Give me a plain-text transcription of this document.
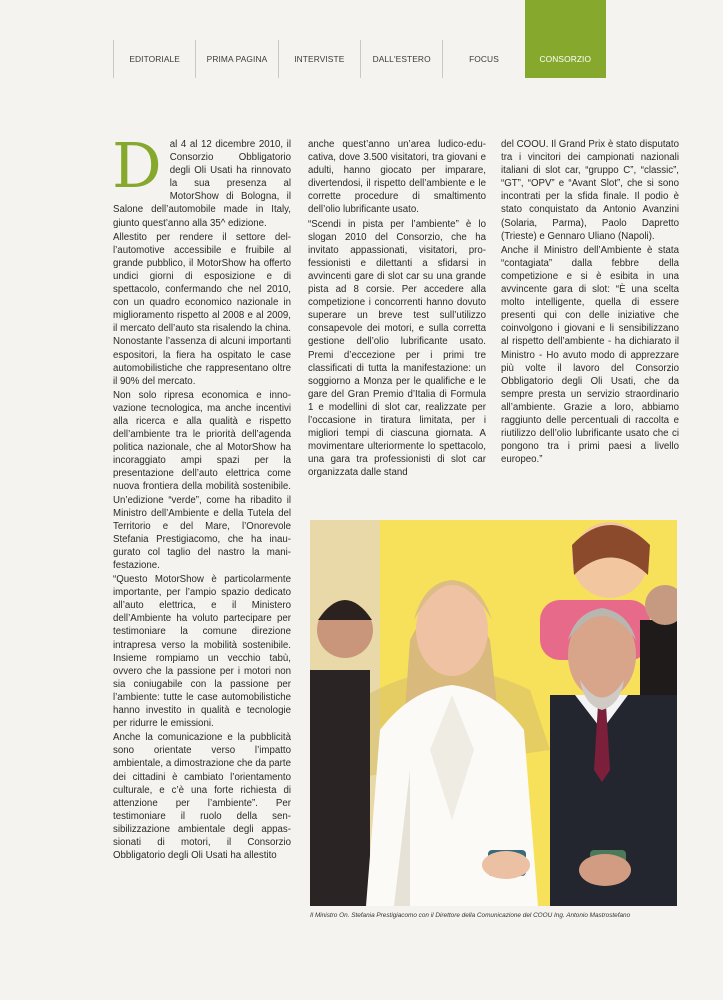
EDITORIALE	PRIMA PAGINA	INTERVISTE	DALL'ESTERO	FOCUS	CONSORZIO
D al 4 al 12 dicembre 2010, il Consorzio Obbligatorio degli Oli Usati ha rinnovato la sua presenza al MotorShow di Bologna, il Salone dell’automobile made in Italy, giunto quest’anno alla 35^ edizione.

Allestito per rendere il settore dell’automotive accessibile e fruibile al grande pubblico, il MotorShow ha offerto undici giorni di esposizione e di spettacolo, confermando che nel 2010, con un quadro economico nazionale in miglioramento rispetto al 2008 e al 2009, il mercato dell’auto sta risalendo la china. Nonostante l’assenza di alcuni importanti espositori, la fiera ha ospitato le case automobilistiche che rappresentano oltre il 90% del mercato.

Non solo ripresa economica e innovazione tecnologica, ma anche incentivi alla ricerca e alla qualità e rispetto dell’ambiente tra le priorità dell’agenda politica nazionale, che al MotorShow ha incoraggiato ampi spazi per la presentazione dell’auto elettrica come nuova frontiera della mobilità sostenibile. Un’edizione “verde”, come ha ribadito il Ministro dell’Ambiente e della Tutela del Territorio e del Mare, l’Onorevole Stefania Prestigiacomo, che ha inaugurato col taglio del nastro la manifestazione.

“Questo MotorShow è particolarmente importante, per l’ampio spazio dedicato all’auto elettrica, e il Ministero dell’Ambiente ha voluto partecipare per testimoniare la comune direzione intrapresa verso la mobilità sostenibile. Insieme rompiamo un vecchio tabù, ovvero che la passione per i motori non sia coniugabile con la passione per l’ambiente: tutte le case automobilistiche hanno investito in qualità e tecnologie per ridurre le emissioni.

Anche la comunicazione e la pubblicità sono orientate verso l’impatto ambientale, a dimostrazione che da parte dei cittadini è cambiato l’orientamento culturale, e c’è una forte richiesta di attenzione per l’ambiente”. Per testimoniare il ruolo della sensibilizzazione ambientale degli appassionati di motori, il Consorzio Obbligatorio degli Oli Usati ha allestito

anche quest’anno un’area ludico-educativa, dove 3.500 visitatori, tra giovani e adulti, hanno giocato per imparare, divertendosi, il rispetto dell’ambiente e le corrette procedure di smaltimento dell’olio lubrificante usato.

“Scendi in pista per l’ambiente” è lo slogan 2010 del Consorzio, che ha invitato appassionati, visitatori, professionisti e dilettanti a sfidarsi in avvincenti gare di slot car su una grande pista ad 8 corsie. Per accedere alla competizione i concorrenti hanno dovuto superare un breve test sull’utilizzo consapevole dei motori, e sulla corretta gestione dell’olio lubrificante usato. Premi d’eccezione per i primi tre classificati di tutta la manifestazione: un soggiorno a Monza per le qualifiche e le gare del Gran Premio d’Italia di Formula 1 e modellini di slot car, realizzate per l’occasione in tiratura limitata, per i migliori tempi di ciascuna giornata. A movimentare ulteriormente lo spettacolo, una gara tra professionisti di slot car organizzata dalle stand

del COOU. Il Grand Prix è stato disputato tra i vincitori dei campionati nazionali italiani di slot car, “gruppo C”, “classic”, “GT”, “OPV” e “Avant Slot”, che si sono incontrati per la sfida finale. Il podio è stato conquistato da Antonio Avanzini (Solaria, Parma), Paolo Dapretto (Trieste) e Gennaro Uliano (Napoli).

Anche il Ministro dell’Ambiente è stata “contagiata” dalla febbre della competizione e si è esibita in una avvincente gara di slot: “È una scelta molto intelligente, quella di essere presenti qui con delle iniziative che coinvolgono i giovani e li sensibilizzano al rispetto dell’ambiente - ha dichiarato il Ministro - Ho avuto modo di apprezzare più volte il lavoro del Consorzio Obbligatorio degli Oli Usati, che da sempre presta un servizio straordinario all’ambiente. Grazie a loro, abbiamo raggiunto delle percentuali di raccolta e riutilizzo dell’olio lubrificante usato che ci pongono tra i primi paesi a livello europeo.”

Il Ministro On. Stefania Prestigiacomo con il Direttore della Comunicazione del COOU Ing. Antonio Mastrostefano
